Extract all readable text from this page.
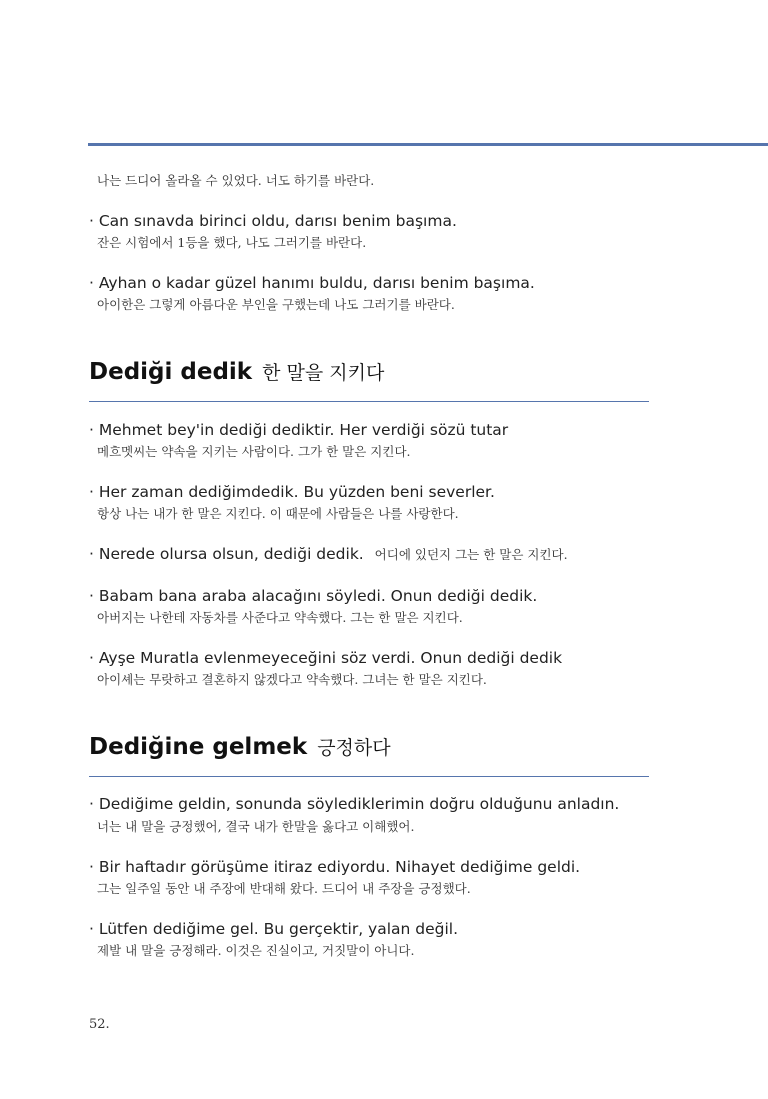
나는 드디어 올라올 수 있었다. 너도 하기를 바란다.
· Can sınavda birinci oldu, darısı benim başıma.
잔은 시험에서 1등을 했다, 나도 그러기를 바란다.
· Ayhan o kadar güzel hanımı buldu, darısı benim başıma.
아이한은 그렇게 아름다운 부인을 구했는데 나도 그러기를 바란다.
Dediği dedik 한 말을 지키다
· Mehmet bey'in dediği dediktir. Her verdiği sözü tutar
메흐멧씨는 약속을 지키는 사람이다. 그가 한 말은 지킨다.
· Her zaman dediğimdedik. Bu yüzden beni severler.
항상 나는 내가 한 말은 지킨다. 이 때문에 사람들은 나를 사랑한다.
· Nerede olursa olsun, dediği dedik. 어디에 있던지 그는 한 말은 지킨다.
· Babam bana araba alacağını söyledi. Onun dediği dedik.
아버지는 나한테 자동차를 사준다고 약속했다. 그는 한 말은 지킨다.
· Ayşe Muratla evlenmeyeceğini söz verdi. Onun dediği dedik
아이셰는 무랏하고 결혼하지 않겠다고 약속했다. 그녀는 한 말은 지킨다.
Dediğine gelmek 긍정하다
· Dediğime geldin, sonunda söylediklerimin doğru olduğunu anladın.
너는 내 말을 긍정했어, 결국 내가 한말을 옳다고 이해했어.
· Bir haftadır görüşüme itiraz ediyordu. Nihayet dediğime geldi.
그는 일주일 동안 내 주장에 반대해 왔다. 드디어 내 주장을 긍정했다.
· Lütfen dediğime gel. Bu gerçektir, yalan değil.
제발 내 말을 긍정해라. 이것은 진실이고, 거짓말이 아니다.
52.
